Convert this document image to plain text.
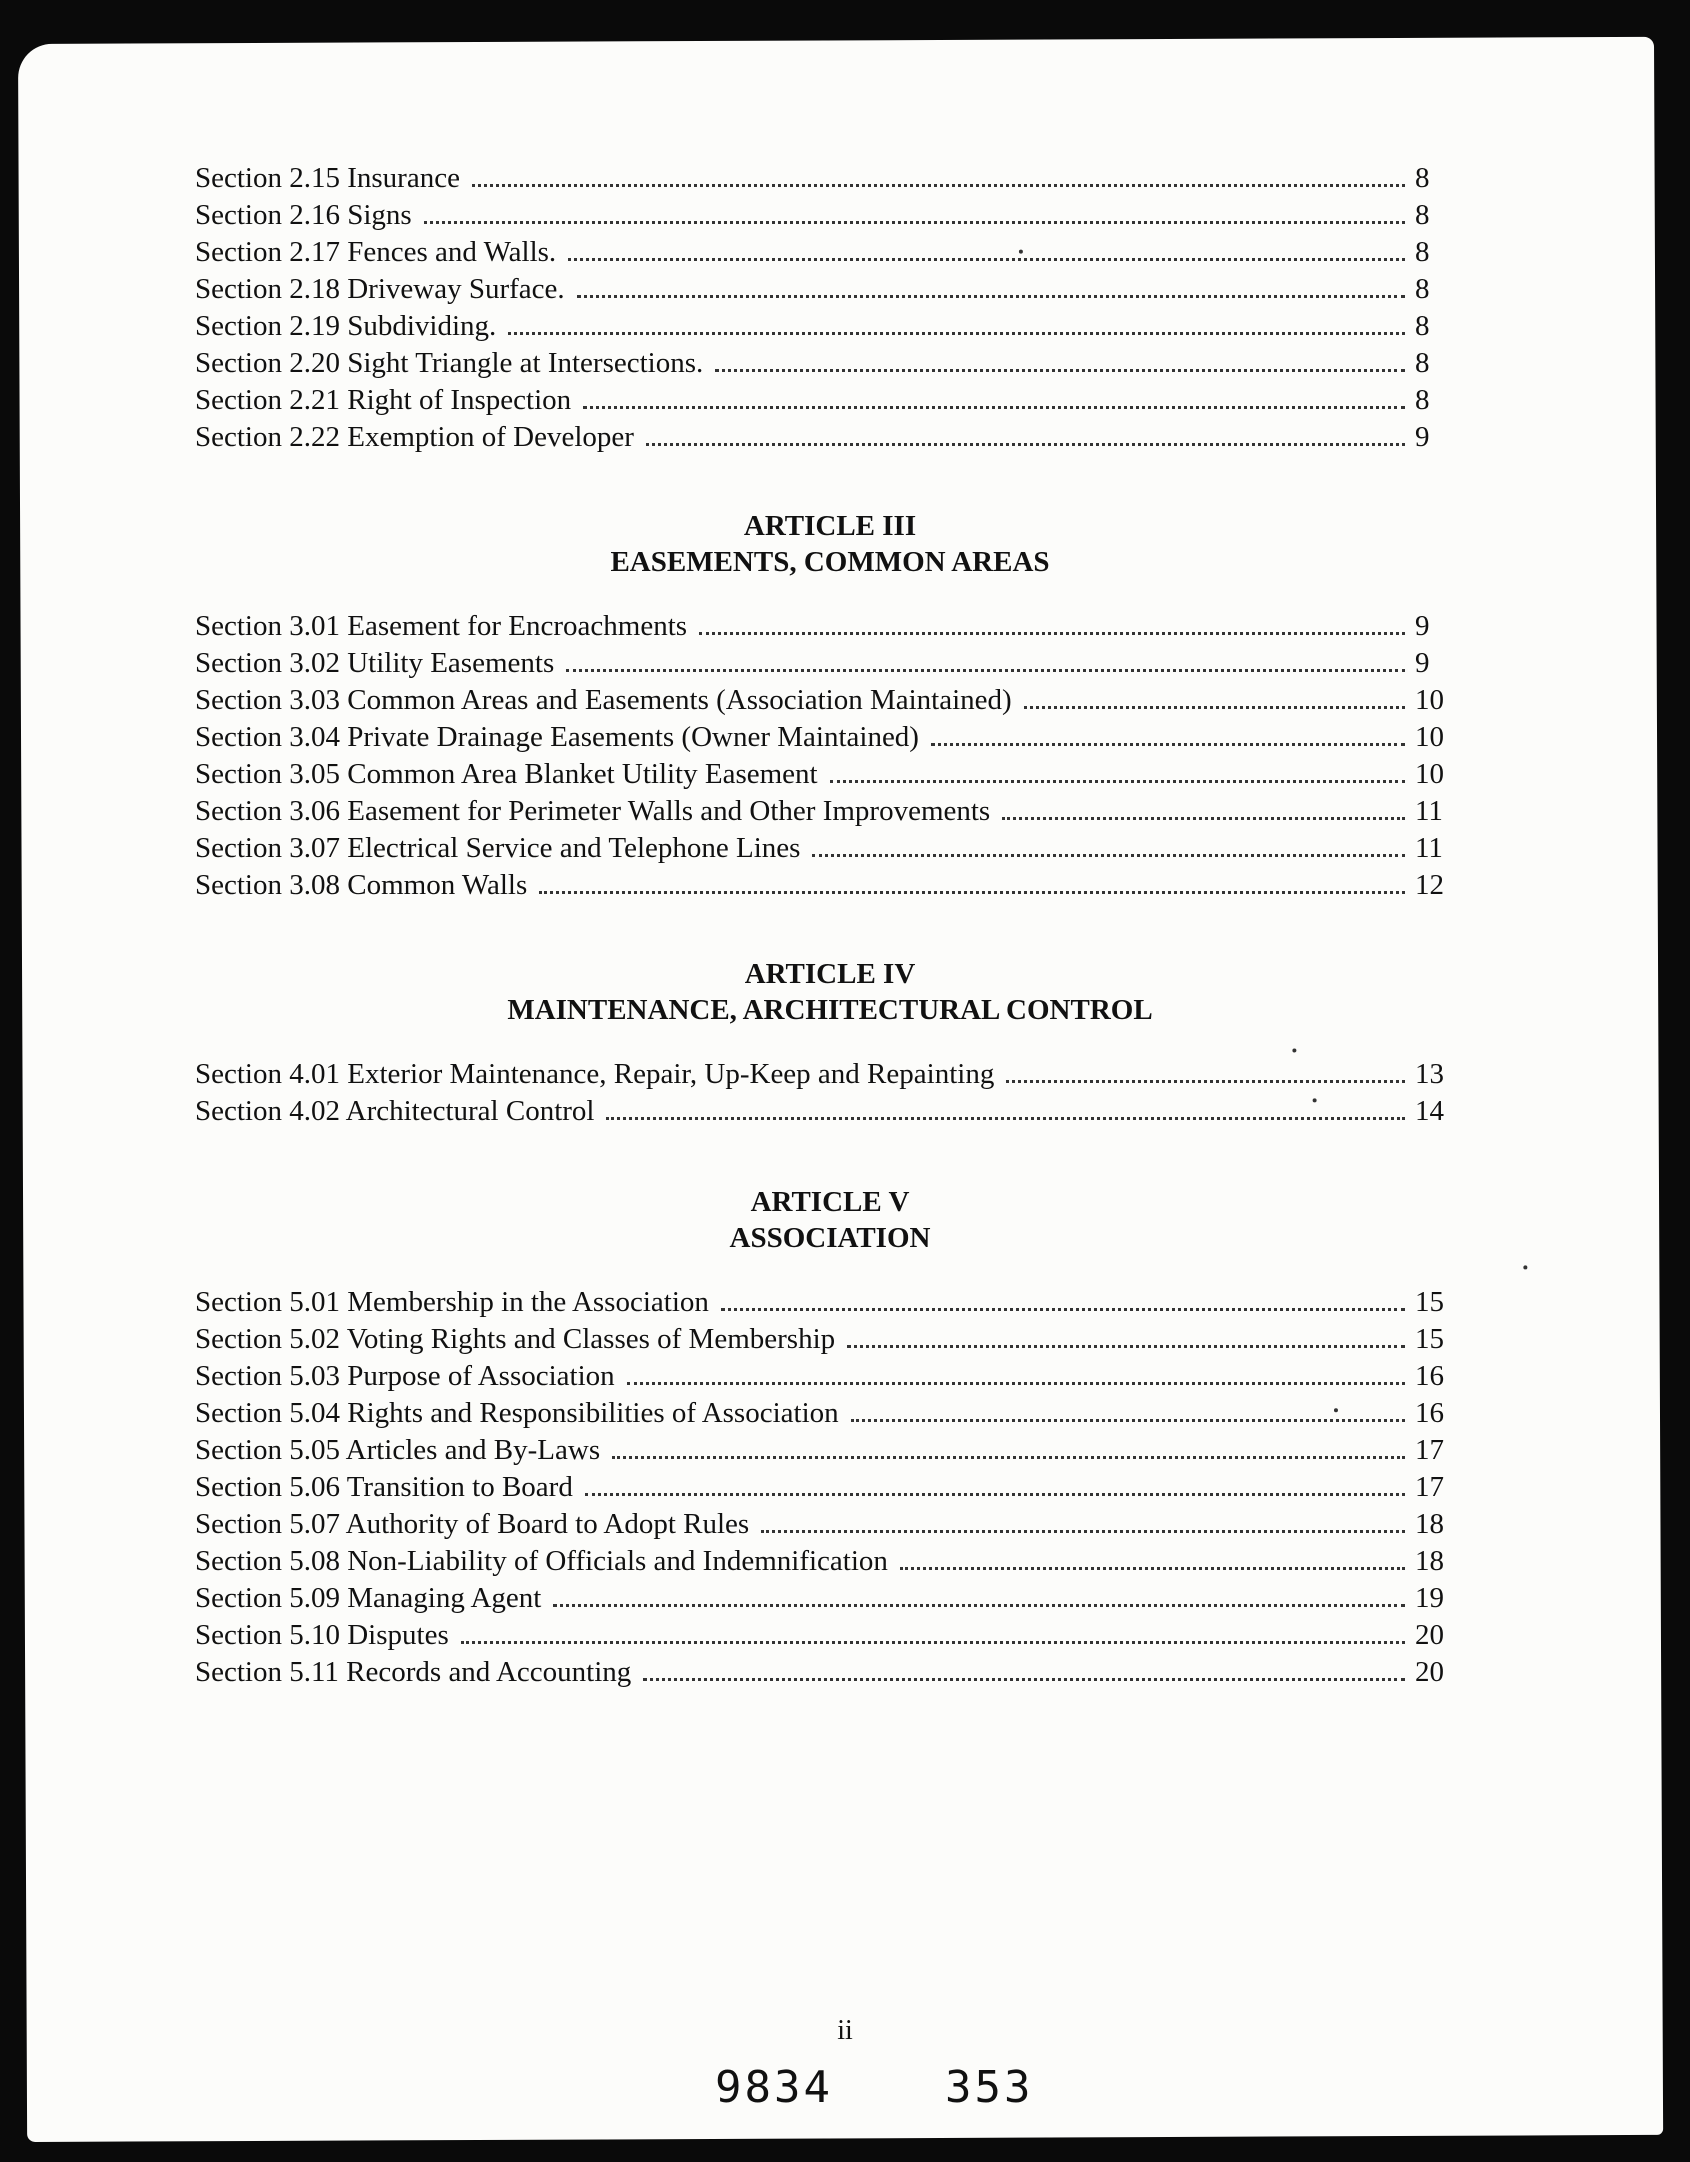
Section 2.15 Insurance	8
Section 2.16 Signs	8
Section 2.17 Fences and Walls.	8
Section 2.18 Driveway Surface.	8
Section 2.19 Subdividing.	8
Section 2.20 Sight Triangle at Intersections.	8
Section 2.21 Right of Inspection	8
Section 2.22 Exemption of Developer	9
ARTICLE III
EASEMENTS, COMMON AREAS
Section 3.01 Easement for Encroachments	9
Section 3.02 Utility Easements	9
Section 3.03 Common Areas and Easements (Association Maintained)	10
Section 3.04 Private Drainage Easements (Owner Maintained)	10
Section 3.05 Common Area Blanket Utility Easement	10
Section 3.06 Easement for Perimeter Walls and Other Improvements	11
Section 3.07 Electrical Service and Telephone Lines	11
Section 3.08 Common Walls	12
ARTICLE IV
MAINTENANCE, ARCHITECTURAL CONTROL
Section 4.01 Exterior Maintenance, Repair, Up-Keep and Repainting	13
Section 4.02 Architectural Control	14
ARTICLE V
ASSOCIATION
Section 5.01 Membership in the Association	15
Section 5.02 Voting Rights and Classes of Membership	15
Section 5.03 Purpose of Association	16
Section 5.04 Rights and Responsibilities of Association	16
Section 5.05 Articles and By-Laws	17
Section 5.06 Transition to Board	17
Section 5.07 Authority of Board to Adopt Rules	18
Section 5.08 Non-Liability of Officials and Indemnification	18
Section 5.09 Managing Agent	19
Section 5.10 Disputes	20
Section 5.11 Records and Accounting	20
ii
9834	353
